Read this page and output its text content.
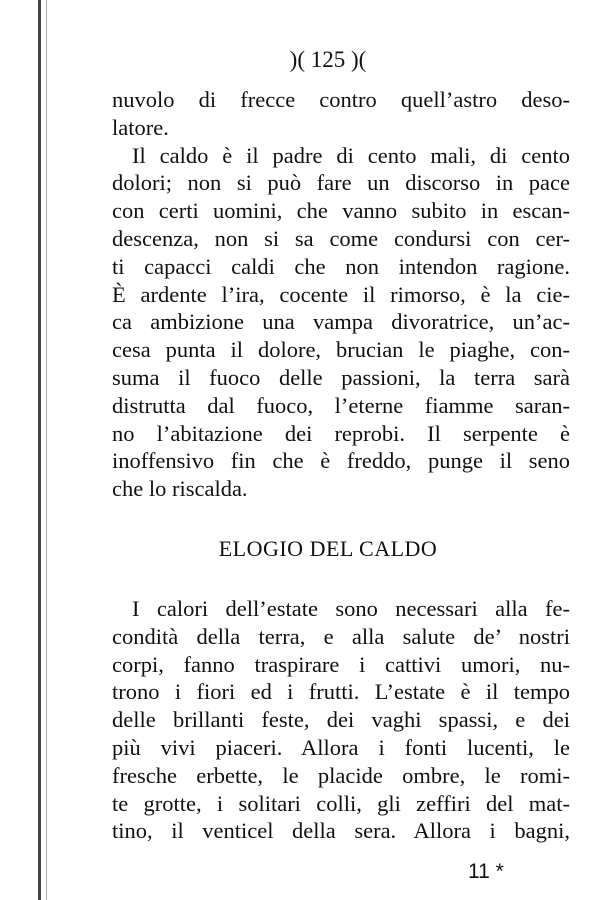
)( 125 )(
nuvolo di frecce contro quell’astro deso-
latore.
Il caldo è il padre di cento mali, di cento
dolori; non si può fare un discorso in pace
con certi uomini, che vanno subito in escan-
descenza, non si sa come condursi con cer-
ti capacci caldi che non intendon ragione.
È ardente l’ira, cocente il rimorso, è la cie-
ca ambizione una vampa divoratrice, un’ac-
cesa punta il dolore, brucian le piaghe, con-
suma il fuoco delle passioni, la terra sarà
distrutta dal fuoco, l’eterne fiamme saran-
no l’abitazione dei reprobi. Il serpente è
inoffensivo fin che è freddo, punge il seno
che lo riscalda.
ELOGIO DEL CALDO
I calori dell’estate sono necessari alla fe-
condità della terra, e alla salute de’ nostri
corpi, fanno traspirare i cattivi umori, nu-
trono i fiori ed i frutti. L’estate è il tempo
delle brillanti feste, dei vaghi spassi, e dei
più vivi piaceri. Allora i fonti lucenti, le
fresche erbette, le placide ombre, le romi-
te grotte, i solitari colli, gli zeffiri del mat-
tino, il venticel della sera. Allora i bagni,
11 *
